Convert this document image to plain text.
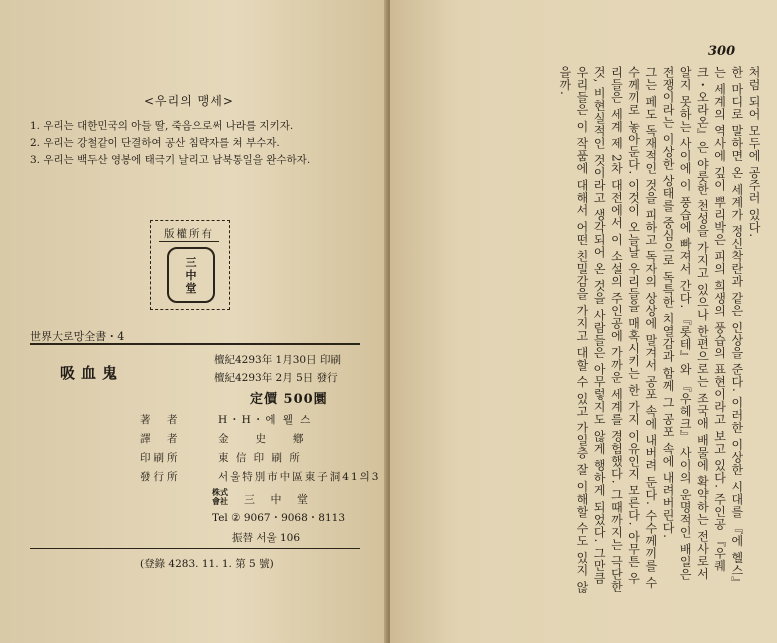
<우리의 맹세>
1. 우리는 대한민국의 아들 딸, 죽음으로써 나라를 지키자.
2. 우리는 강철같이 단결하여 공산 침략자를 쳐 부수자.
3. 우리는 백두산 영봉에 태극기 날리고 남북통일을 완수하자.
版權所有
三中堂
世界大로망全書・4
吸血鬼
檀紀4293年 1月30日 印刷
檀紀4293年 2月 5日 發行
定價 500圜
著　者	H・H・에 웰 스
譯　者	金　　史　　鄕
印刷所	東 信 印 刷 所
發行所	서울特別市中區東子洞41의3
株式會社 三 中 堂
Tel ② 9067・9068・8113
振替 서울 106
(登錄 4283. 11. 1. 第 5 號)
300

처럼 되어 모두에 공주러 있다.

한 마디로 말하면 온 세계가 정신착란과 같은 인상을 준다. 이러한 이상한 시대를 『에 헬스』는 세계의 역사에 깊이 뿌리박은 피의 희생의 풍습의 표현이라고 보고 있다. 주인공 『우퀘크・오라온』은 야릇한 천성을 가지고 있으나 한편으로는 조국애 배물에 확약하는 전사로서 알지 못하는 사이에 이 풍습에 빠져서 간다. 『롯테』와 『우헤크』 사이의 운명적인 배일은 전쟁이라는 이상한 상태를 중심으로 독특한 치열감과 함께 그 공포 속에 내려버린다.

그는 페도 독재적인 것을 피하고 독자의 상상에 말겨서 공포 속에 내버려 둔다. 수수께끼를 수수께끼로 놓아둔다. 이것이 오늘날 우리들을 매혹시키는 한 가지 이유인지 모른다. 아무튼 우리들은 세계 제 2차 대전에서 이 소설의 주인공에 가까운 세계를 경험했다. 그때까지는 극단한 것, 비현실적인 것이라고 생각되어 온 것을 사람들은 아무렇지도 않게 행하게 되었다. 그만큼 우리들은 이 작품에 대해서 어떤 친밀감을 가지고 대할 수 있고 가일층 잘 이해할 수도 있지 않을까.
